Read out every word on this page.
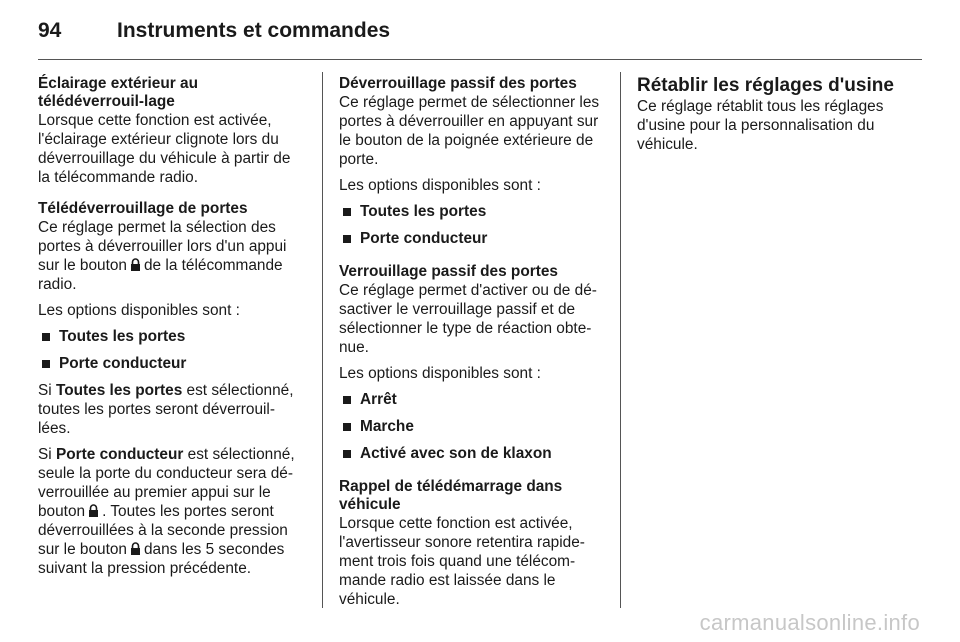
94	Instruments et commandes
Éclairage extérieur au télédéverrouil-lage

Lorsque cette fonction est activée, l'éclairage extérieur clignote lors du déverrouillage du véhicule à partir de la télécommande radio.

Télédéverrouillage de portes

Ce réglage permet la sélection des portes à déverrouiller lors d'un appui sur le bouton de la télécommande radio.

Les options disponibles sont :

Toutes les portes
Porte conducteur

Si Toutes les portes est sélectionné, toutes les portes seront déverrouil-lées.

Si Porte conducteur est sélectionné, seule la porte du conducteur sera dé-verrouillée au premier appui sur le bouton . Toutes les portes seront déverrouillées à la seconde pression sur le bouton dans les 5 secondes suivant la pression précédente.

Déverrouillage passif des portes

Ce réglage permet de sélectionner les portes à déverrouiller en appuyant sur le bouton de la poignée extérieure de porte.

Les options disponibles sont :

Toutes les portes
Porte conducteur
Verrouillage passif des portes

Ce réglage permet d'activer ou de dé-sactiver le verrouillage passif et de sélectionner le type de réaction obte-nue.

Les options disponibles sont :

Arrêt
Marche
Activé avec son de klaxon
Rappel de télédémarrage dans véhicule

Lorsque cette fonction est activée, l'avertisseur sonore retentira rapide-ment trois fois quand une télécom-mande radio est laissée dans le véhicule.

Rétablir les réglages d'usine

Ce réglage rétablit tous les réglages d'usine pour la personnalisation du véhicule.

carmanualsonline.info
